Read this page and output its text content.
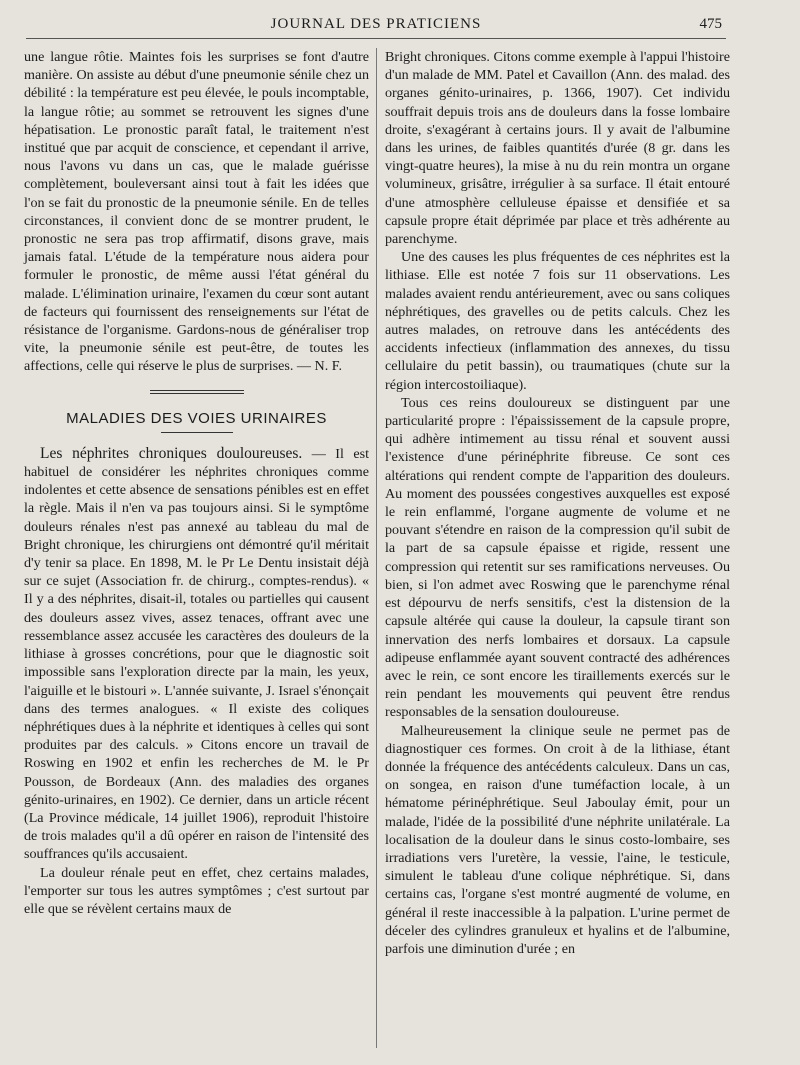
JOURNAL DES PRATICIENS	475

une langue rôtie. Maintes fois les surprises se font d'autre manière. On assiste au début d'une pneumonie sénile chez un débilité : la température est peu élevée, le pouls incomptable, la langue rôtie; au sommet se retrouvent les signes d'une hépatisation. Le pronostic paraît fatal, le traitement n'est institué que par acquit de conscience, et cependant il arrive, nous l'avons vu dans un cas, que le malade guérisse complètement, bouleversant ainsi tout à fait les idées que l'on se fait du pronostic de la pneumonie sénile. En de telles circonstances, il convient donc de se montrer prudent, le pronostic ne sera pas trop affirmatif, disons grave, mais jamais fatal. L'étude de la température nous aidera pour formuler le pronostic, de même aussi l'état général du malade. L'élimination urinaire, l'examen du cœur sont autant de facteurs qui fournissent des renseignements sur l'état de résistance de l'organisme. Gardons-nous de généraliser trop vite, la pneumonie sénile est peut-être, de toutes les affections, celle qui réserve le plus de surprises. — N. F.

MALADIES DES VOIES URINAIRES

Les néphrites chroniques douloureuses. — Il est habituel de considérer les néphrites chroniques comme indolentes et cette absence de sensations pénibles est en effet la règle. Mais il n'en va pas toujours ainsi. Si le symptôme douleurs rénales n'est pas annexé au tableau du mal de Bright chronique, les chirurgiens ont démontré qu'il méritait d'y tenir sa place. En 1898, M. le Pr Le Dentu insistait déjà sur ce sujet (Association fr. de chirurg., comptes-rendus). « Il y a des néphrites, disait-il, totales ou partielles qui causent des douleurs assez vives, assez tenaces, offrant avec une ressemblance assez accusée les caractères des douleurs de la lithiase à grosses concrétions, pour que le diagnostic soit impossible sans l'exploration directe par la main, les yeux, l'aiguille et le bistouri ». L'année suivante, J. Israel s'énonçait dans des termes analogues. « Il existe des coliques néphrétiques dues à la néphrite et identiques à celles qui sont produites par des calculs. » Citons encore un travail de Roswing en 1902 et enfin les recherches de M. le Pr Pousson, de Bordeaux (Ann. des maladies des organes génito-urinaires, en 1902). Ce dernier, dans un article récent (La Province médicale, 14 juillet 1906), reproduit l'histoire de trois malades qu'il a dû opérer en raison de l'intensité des souffrances qu'ils accusaient.

La douleur rénale peut en effet, chez certains malades, l'emporter sur tous les autres symptômes ; c'est surtout par elle que se révèlent certains maux de

Bright chroniques. Citons comme exemple à l'appui l'histoire d'un malade de MM. Patel et Cavaillon (Ann. des malad. des organes génito-urinaires, p. 1366, 1907). Cet individu souffrait depuis trois ans de douleurs dans la fosse lombaire droite, s'exagérant à certains jours. Il y avait de l'albumine dans les urines, de faibles quantités d'urée (8 gr. dans les vingt-quatre heures), la mise à nu du rein montra un organe volumineux, grisâtre, irrégulier à sa surface. Il était entouré d'une atmosphère celluleuse épaisse et densifiée et sa capsule propre était déprimée par place et très adhérente au parenchyme.

Une des causes les plus fréquentes de ces néphrites est la lithiase. Elle est notée 7 fois sur 11 observations. Les malades avaient rendu antérieurement, avec ou sans coliques néphrétiques, des gravelles ou de petits calculs. Chez les autres malades, on retrouve dans les antécédents des accidents infectieux (inflammation des annexes, du tissu cellulaire du petit bassin), ou traumatiques (chute sur la région intercostoiliaque).

Tous ces reins douloureux se distinguent par une particularité propre : l'épaississement de la capsule propre, qui adhère intimement au tissu rénal et souvent aussi l'existence d'une périnéphrite fibreuse. Ce sont ces altérations qui rendent compte de l'apparition des douleurs. Au moment des poussées congestives auxquelles est exposé le rein enflammé, l'organe augmente de volume et ne pouvant s'étendre en raison de la compression qu'il subit de la part de sa capsule épaisse et rigide, ressent une compression qui retentit sur ses ramifications nerveuses. Ou bien, si l'on admet avec Roswing que le parenchyme rénal est dépourvu de nerfs sensitifs, c'est la distension de la capsule altérée qui cause la douleur, la capsule tirant son innervation des nerfs lombaires et dorsaux. La capsule adipeuse enflammée ayant souvent contracté des adhérences avec le rein, ce sont encore les tiraillements exercés sur le rein pendant les mouvements qui peuvent être rendus responsables de la sensation douloureuse.

Malheureusement la clinique seule ne permet pas de diagnostiquer ces formes. On croit à de la lithiase, étant donnée la fréquence des antécédents calculeux. Dans un cas, on songea, en raison d'une tuméfaction locale, à un hématome périnéphrétique. Seul Jaboulay émit, pour un malade, l'idée de la possibilité d'une néphrite unilatérale. La localisation de la douleur dans le sinus costo-lombaire, ses irradiations vers l'uretère, la vessie, l'aine, le testicule, simulent le tableau d'une colique néphrétique. Si, dans certains cas, l'organe s'est montré augmenté de volume, en général il reste inaccessible à la palpation. L'urine permet de déceler des cylindres granuleux et hyalins et de l'albumine, parfois une diminution d'urée ; en
